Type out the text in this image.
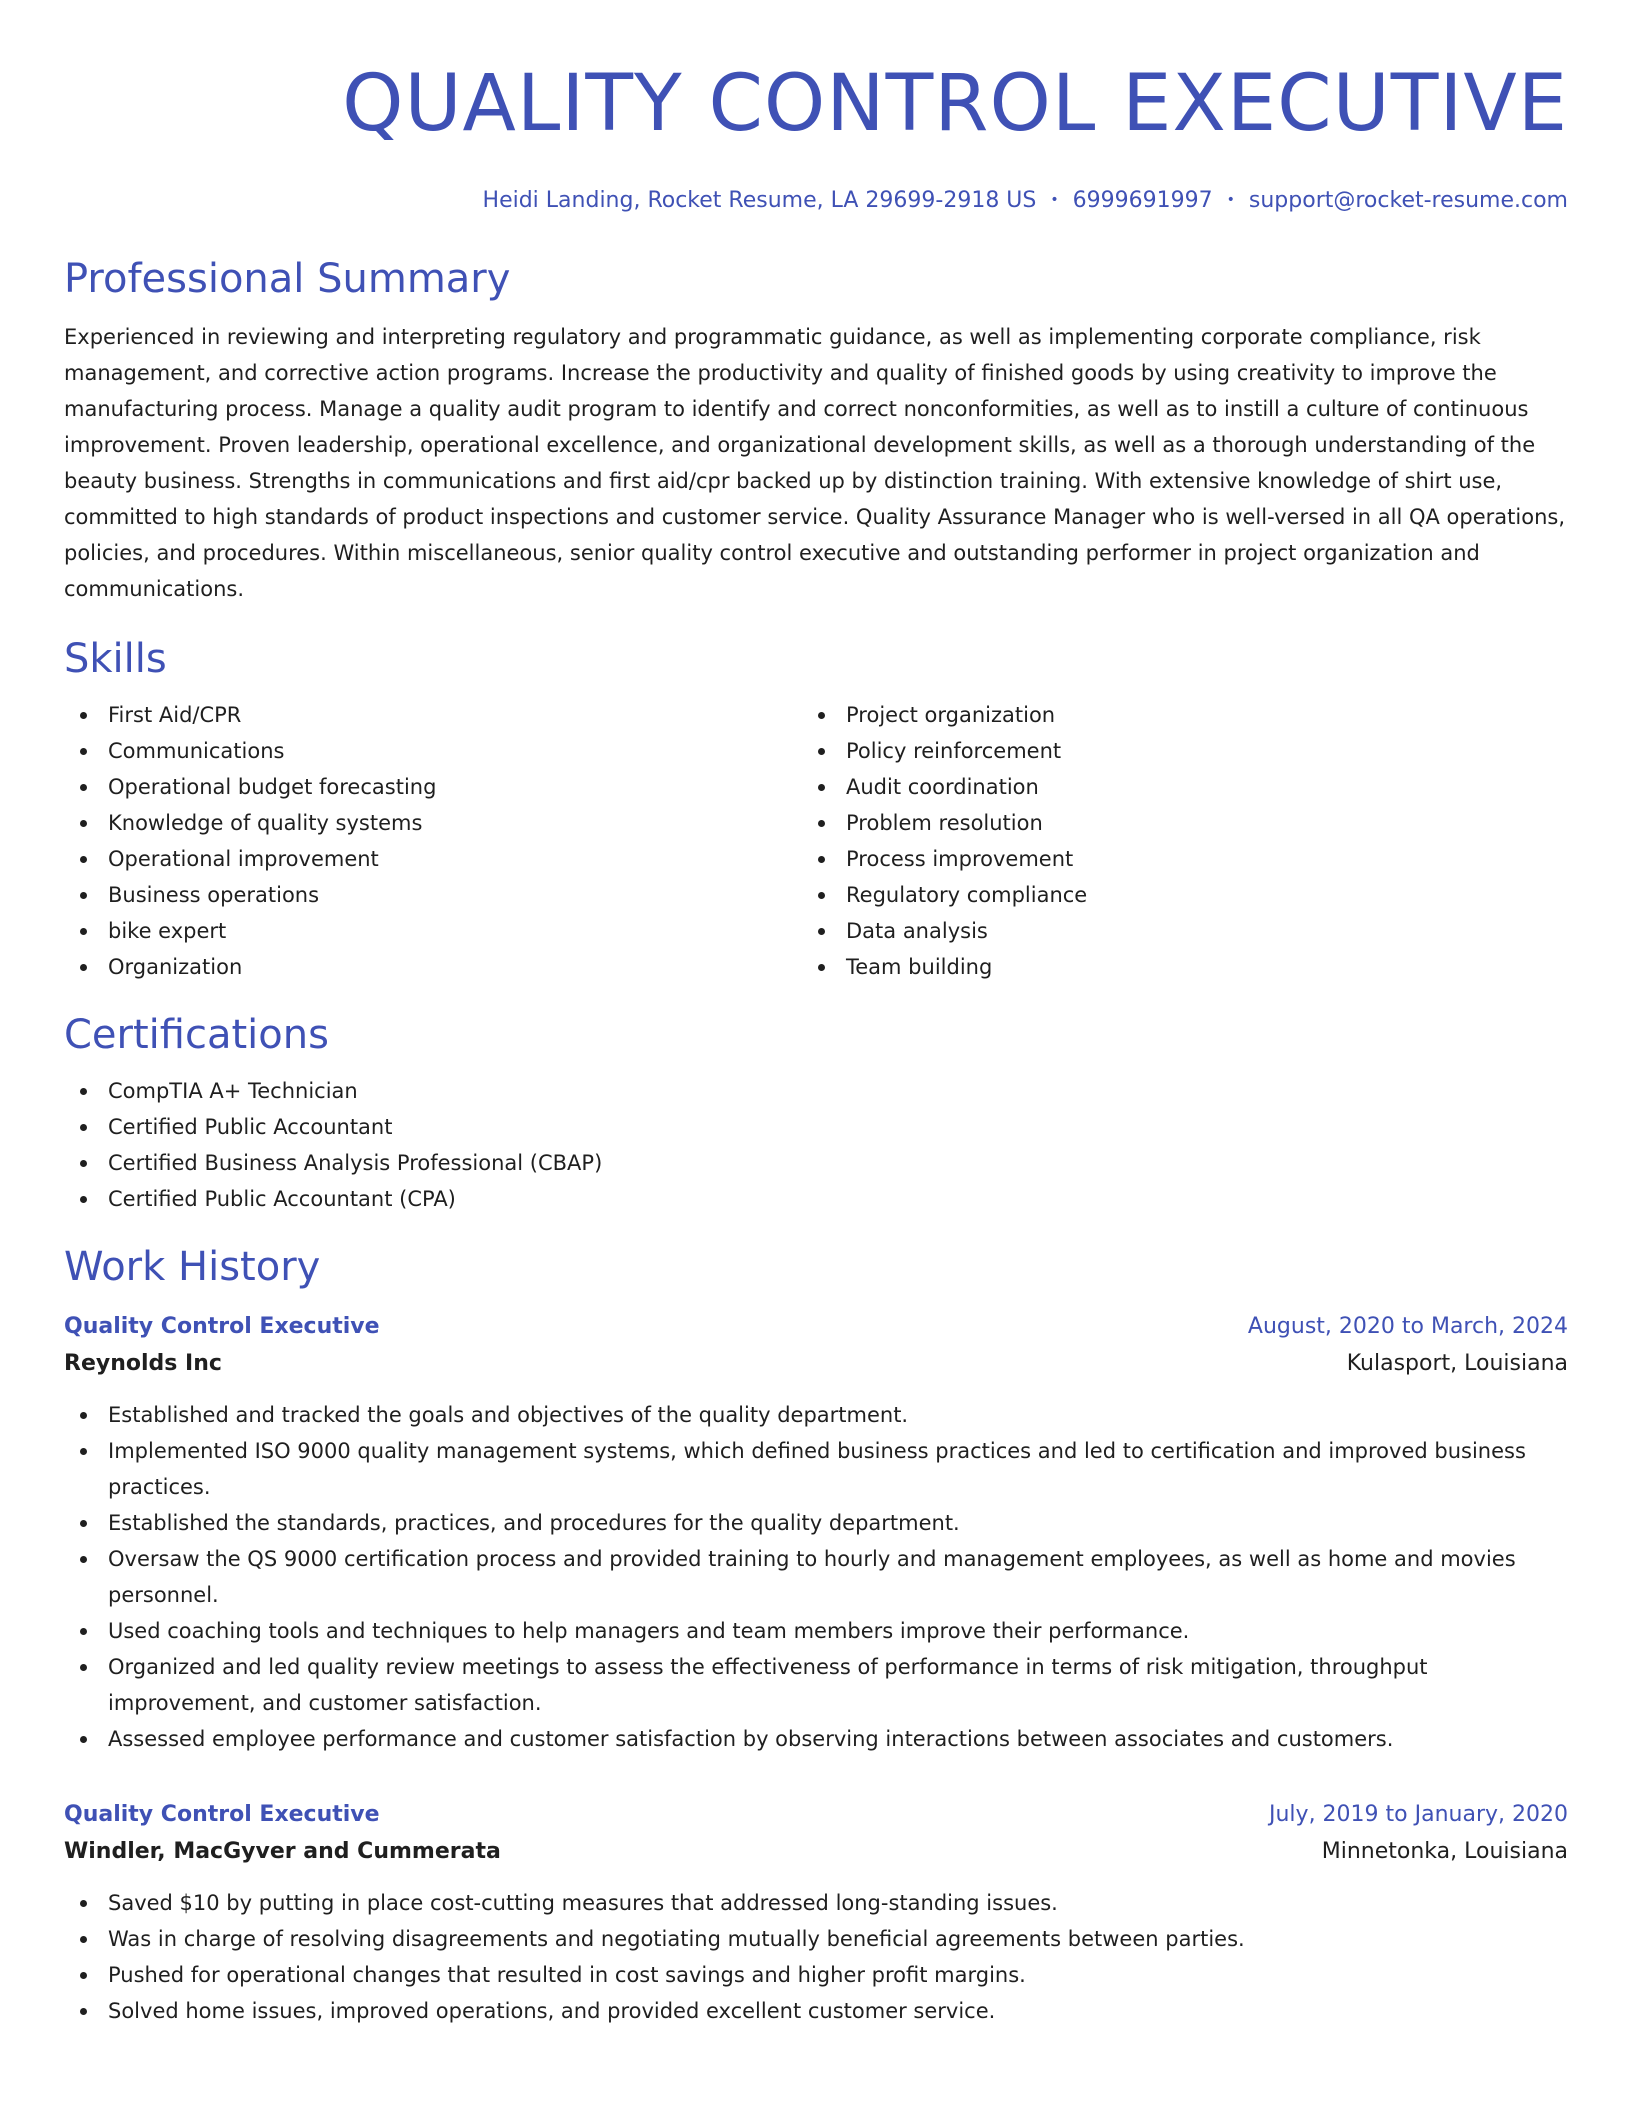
QUALITY CONTROL EXECUTIVE
Heidi Landing, Rocket Resume, LA 29699-2918 US • 6999691997 • support@rocket-resume.com
Professional Summary

Experienced in reviewing and interpreting regulatory and programmatic guidance, as well as implementing corporate compliance, risk management, and corrective action programs. Increase the productivity and quality of finished goods by using creativity to improve the manufacturing process. Manage a quality audit program to identify and correct nonconformities, as well as to instill a culture of continuous improvement. Proven leadership, operational excellence, and organizational development skills, as well as a thorough understanding of the beauty business. Strengths in communications and first aid/cpr backed up by distinction training. With extensive knowledge of shirt use, committed to high standards of product inspections and customer service. Quality Assurance Manager who is well-versed in all QA operations, policies, and procedures. Within miscellaneous, senior quality control executive and outstanding performer in project organization and communications.

Skills
First Aid/CPR
Communications
Operational budget forecasting
Knowledge of quality systems
Operational improvement
Business operations
bike expert
Organization
Project organization
Policy reinforcement
Audit coordination
Problem resolution
Process improvement
Regulatory compliance
Data analysis
Team building
Certifications
CompTIA A+ Technician
Certified Public Accountant
Certified Business Analysis Professional (CBAP)
Certified Public Accountant (CPA)
Work History
Quality Control Executive	August, 2020 to March, 2024
Reynolds Inc	Kulasport, Louisiana
Established and tracked the goals and objectives of the quality department.
Implemented ISO 9000 quality management systems, which defined business practices and led to certification and improved business practices.
Established the standards, practices, and procedures for the quality department.
Oversaw the QS 9000 certification process and provided training to hourly and management employees, as well as home and movies personnel.
Used coaching tools and techniques to help managers and team members improve their performance.
Organized and led quality review meetings to assess the effectiveness of performance in terms of risk mitigation, throughput improvement, and customer satisfaction.
Assessed employee performance and customer satisfaction by observing interactions between associates and customers.
Quality Control Executive	July, 2019 to January, 2020
Windler, MacGyver and Cummerata	Minnetonka, Louisiana
Saved $10 by putting in place cost-cutting measures that addressed long-standing issues.
Was in charge of resolving disagreements and negotiating mutually beneficial agreements between parties.
Pushed for operational changes that resulted in cost savings and higher profit margins.
Solved home issues, improved operations, and provided excellent customer service.
